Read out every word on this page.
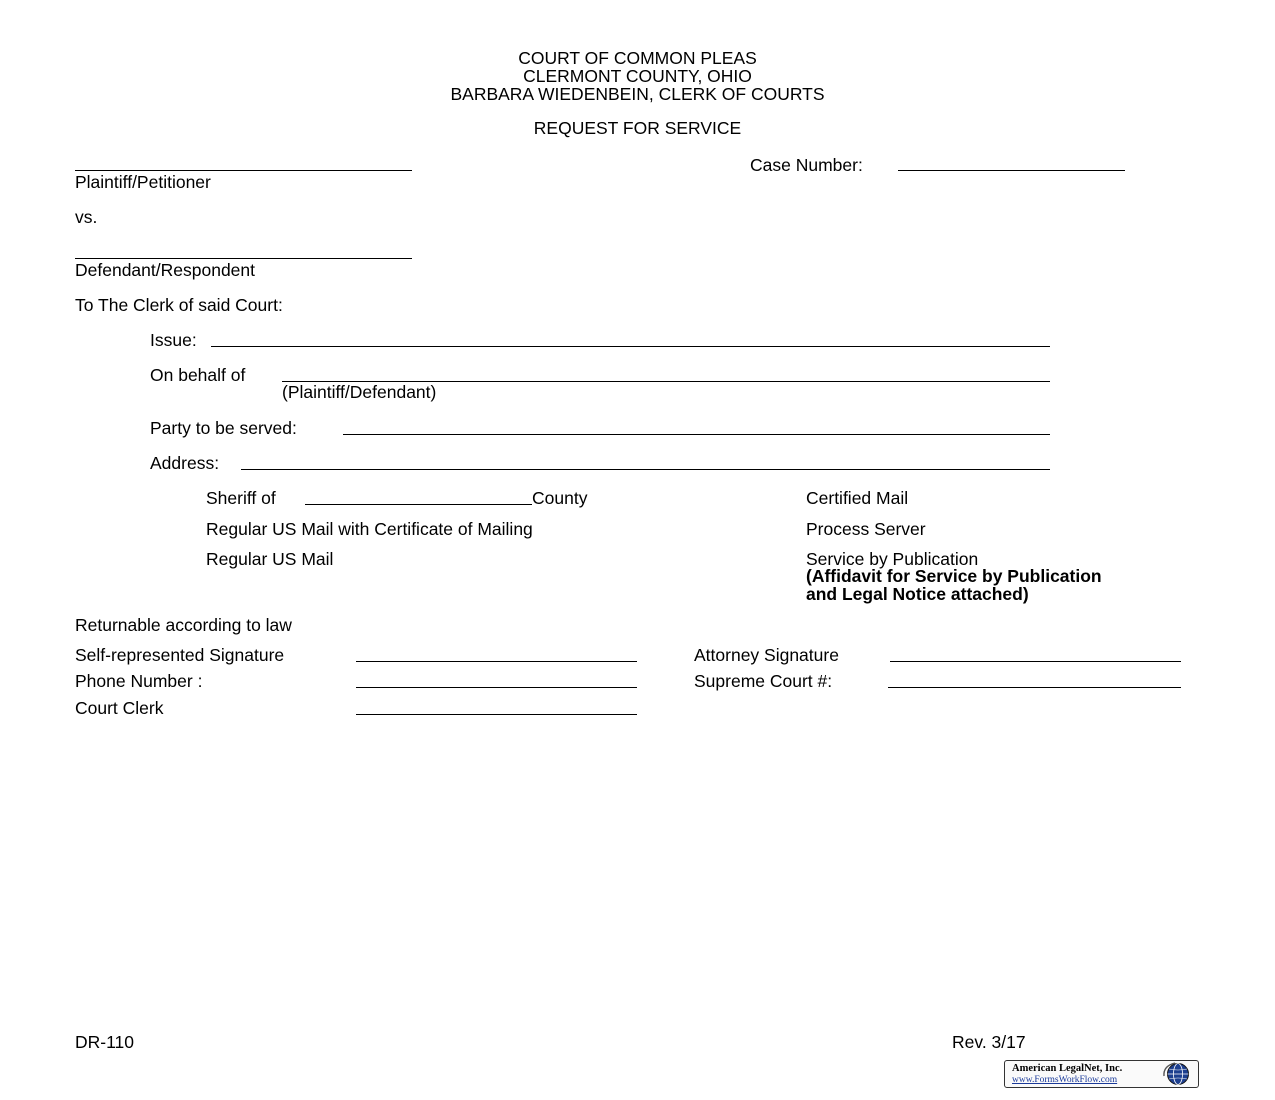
COURT OF COMMON PLEAS
CLERMONT COUNTY, OHIO
BARBARA WIEDENBEIN, CLERK OF COURTS
REQUEST FOR SERVICE
Plaintiff/Petitioner
Case Number:
vs.
Defendant/Respondent
To The Clerk of said Court:
Issue:
On behalf of
(Plaintiff/Defendant)
Party to be served:
Address:
Sheriff of	County
Regular US Mail with Certificate of Mailing
Regular US Mail
Certified Mail
Process Server
Service by Publication
(Affidavit for Service by Publication
and Legal Notice attached)
Returnable according to law
Self-represented Signature
Phone Number :
Court Clerk
Attorney Signature
Supreme Court #:
DR-110	Rev. 3/17
American LegalNet, Inc.
www.FormsWorkFlow.com
